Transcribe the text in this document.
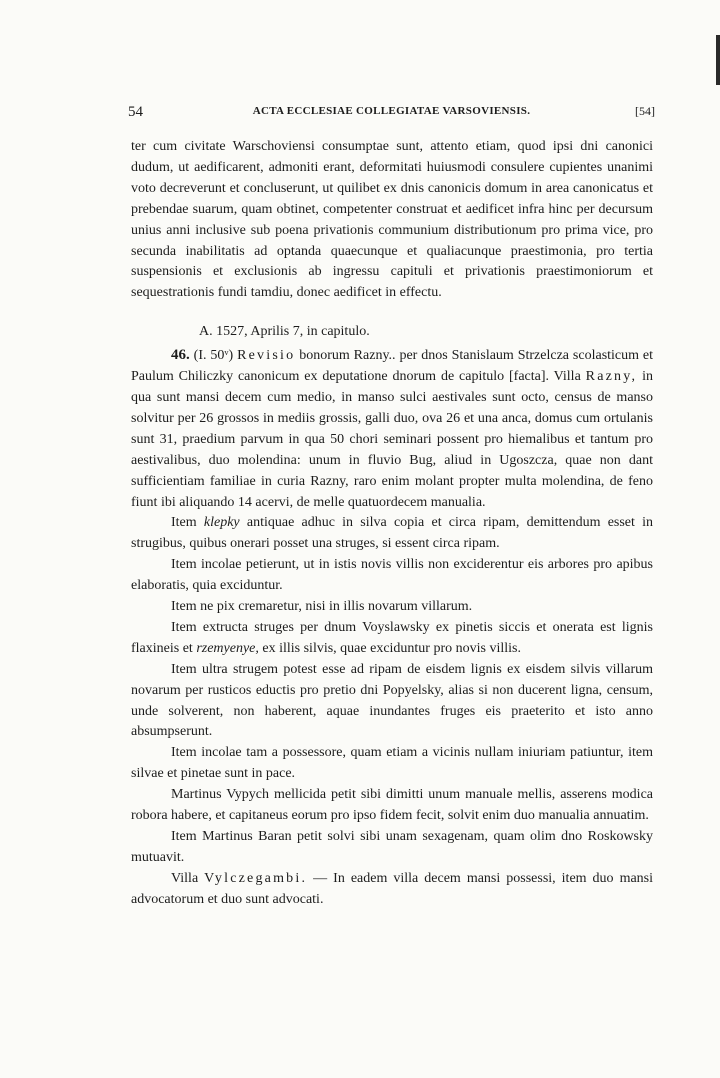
54	ACTA ECCLESIAE COLLEGIATAE VARSOVIENSIS.	[54]

ter cum civitate Warschoviensi consumptae sunt, attento etiam, quod ipsi dni canonici dudum, ut aedificarent, admoniti erant, deformitati huiusmodi consulere cupientes unanimi voto decreverunt et concluserunt, ut quilibet ex dnis canonicis domum in area canonicatus et prebendae suarum, quam obtinet, competenter construat et aedificet infra hinc per decursum unius anni inclusive sub poena privationis communium distributionum pro prima vice, pro secunda inabilitatis ad optanda quaecunque et qualiacunque praestimonia, pro tertia suspensionis et exclusionis ab ingressu capituli et privationis praestimoniorum et sequestrationis fundi tamdiu, donec aedificet in effectu.

A. 1527, Aprilis 7, in capitulo.

46. (I. 50ᵛ) Revisio bonorum Razny.. per dnos Stanislaum Strzelcza scolasticum et Paulum Chiliczky canonicum ex deputatione dnorum de capitulo [facta]. Villa Razny, in qua sunt mansi decem cum medio, in manso sulci aestivales sunt octo, census de manso solvitur per 26 grossos in mediis grossis, galli duo, ova 26 et una anca, domus cum ortulanis sunt 31, praedium parvum in qua 50 chori seminari possent pro hiemalibus et tantum pro aestivalibus, duo molendina: unum in fluvio Bug, aliud in Ugoszcza, quae non dant sufficientiam familiae in curia Razny, raro enim molant propter multa molendina, de feno fiunt ibi aliquando 14 acervi, de melle quatuordecem manualia.

Item klepky antiquae adhuc in silva copia et circa ripam, demittendum esset in strugibus, quibus onerari posset una struges, si essent circa ripam.

Item incolae petierunt, ut in istis novis villis non exciderentur eis arbores pro apibus elaboratis, quia exciduntur.

Item ne pix cremaretur, nisi in illis novarum villarum.

Item extructa struges per dnum Voyslawsky ex pinetis siccis et onerata est lignis flaxineis et rzemyenye, ex illis silvis, quae exciduntur pro novis villis.

Item ultra strugem potest esse ad ripam de eisdem lignis ex eisdem silvis villarum novarum per rusticos eductis pro pretio dni Popyelsky, alias si non ducerent ligna, censum, unde solverent, non haberent, aquae inundantes fruges eis praeterito et isto anno absumpserunt.

Item incolae tam a possessore, quam etiam a vicinis nullam iniuriam patiuntur, item silvae et pinetae sunt in pace.

Martinus Vypych mellicida petit sibi dimitti unum manuale mellis, asserens modica robora habere, et capitaneus eorum pro ipso fidem fecit, solvit enim duo manualia annuatim.

Item Martinus Baran petit solvi sibi unam sexagenam, quam olim dno Roskowsky mutuavit.

Villa Vylczegambi. — In eadem villa decem mansi possessi, item duo mansi advocatorum et duo sunt advocati.
